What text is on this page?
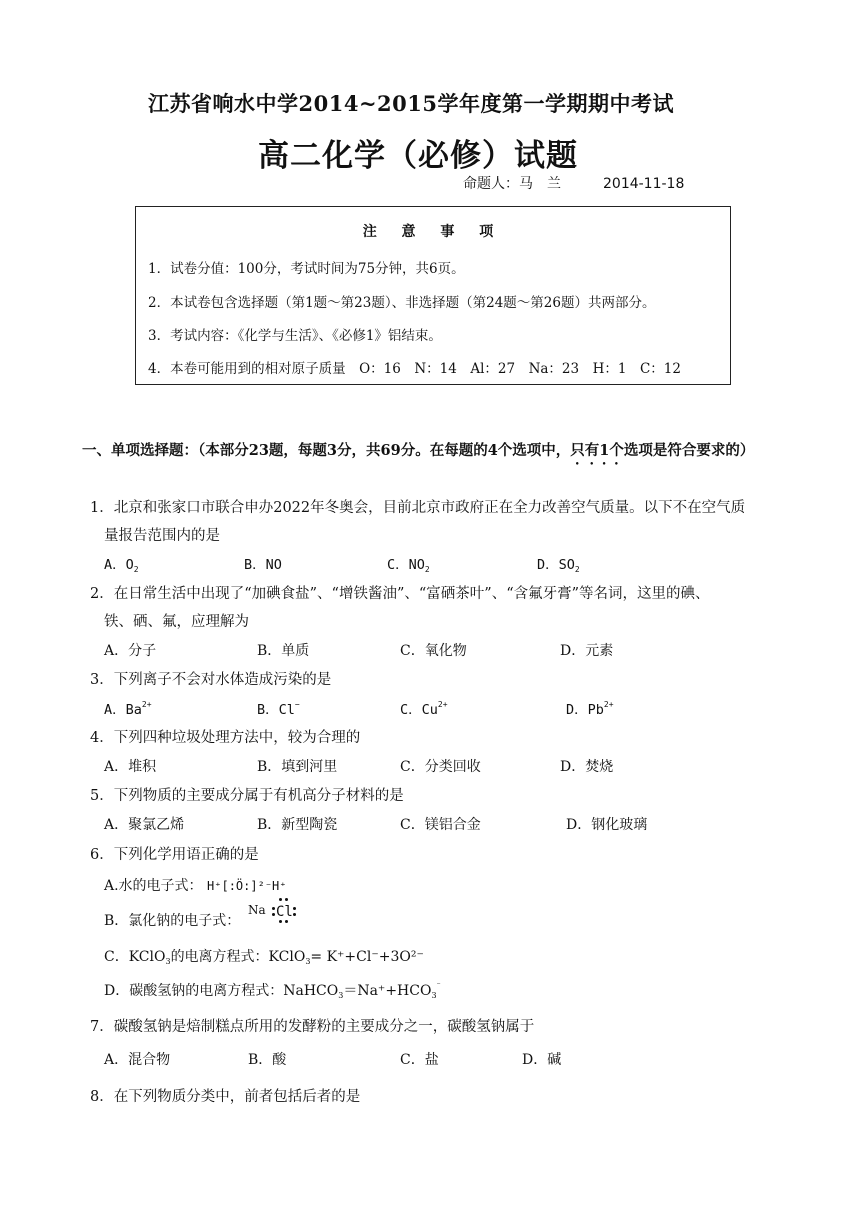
江苏省响水中学2014~2015学年度第一学期期中考试
高二化学（必修）试题
命题人：马　兰	2014-11-18
注 意 事 项
1．试卷分值：100分，考试时间为75分钟，共6页。
2．本试卷包含选择题（第1题～第23题）、非选择题（第24题～第26题）共两部分。
3．考试内容：《化学与生活》、《必修1》铝结束。
4．本卷可能用到的相对原子质量　O：16　N：14　Al：27　Na：23　H：1　C：12
一、单项选择题：（本部分23题，每题3分，共69分。在每题的4个选项中，只有1个选项是符合要求的）
1．北京和张家口市联合申办2022年冬奥会，目前北京市政府正在全力改善空气质量。以下不在空气质
量报告范围内的是
A．$O_2$	B．NO	C．$NO_2$	D．$SO_2$
2．在日常生活中出现了“加碘食盐”、“增铁酱油”、“富硒茶叶”、“含氟牙膏”等名词，这里的碘、
铁、硒、氟，应理解为
A．分子	B．单质	C．氧化物	D．元素
3．下列离子不会对水体造成污染的是
A．$Ba^{2+}$	B．Cl−	C．$Cu^{2+}$	D．$Pb^{2+}$
4．下列四种垃圾处理方法中，较为合理的
A．堆积	B．填到河里	C．分类回收	D．焚烧
5．下列物质的主要成分属于有机高分子材料的是
A．聚氯乙烯	B．新型陶瓷	C．镁铝合金	D．钢化玻璃
6．下列化学用语正确的是
A.水的电子式： H⁺[:Ö:]²⁻H⁺
B．氯化钠的电子式：
Na Cl
C．KClO$_3$的电离方程式：KClO$_3$= K⁺+Cl⁻+3O²⁻
D．碳酸氢钠的电离方程式：$NaHCO_3=Na^++HCO_3^{^-}$
7．碳酸氢钠是焙制糕点所用的发酵粉的主要成分之一，碳酸氢钠属于
A．混合物	B．酸	C．盐	D．碱
8．在下列物质分类中，前者包括后者的是
